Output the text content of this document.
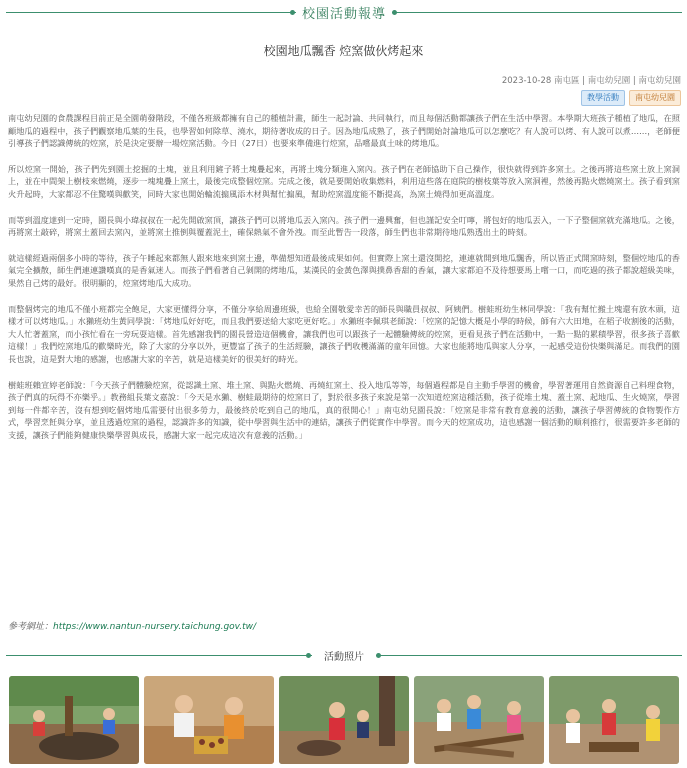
校園活動報導
校園地瓜飄香 焢窯做伙烤起來
2023-10-28 南屯區 | 南屯幼兒園 | 南屯幼兒園
教學活動	南屯幼兒園

南屯幼兒園的食農課程目前正是全園萌發階段，不僅各班級都擁有自己的種植計畫，師生一起討論、共同執行，而且每個活動都讓孩子們在生活中學習。本學期大班孩子種植了地瓜，在照顧地瓜的過程中，孩子們觀察地瓜葉的生長，也學習如何除草、澆水，期待著收成的日子。因為地瓜成熟了，孩子們開始討論地瓜可以怎麼吃？有人說可以烤、有人說可以煮……，老師便引導孩子們認識傳統的焢窯，於是決定要辦一場焢窯活動。今日（27日）也要來準備進行焢窯，品嚐最真土味的烤地瓜。

所以焢窯一開始，孩子們先到園土挖掘的土塊，並且利用鏟子將土塊疊起來，再將土塊分類進入窯內。孩子們在老師協助下自己操作，很快就得到許多窯土。之後再將這些窯土放上窯洞上，並在中間架上樹枝來燃燒，逐步一塊塊疊上窯土，最後完成整個焢窯。完成之後，就是要開始收集燃料，利用這些落在庭院的樹枝葉等放入窯洞裡，然後再點火燃燒窯土。孩子看到窯火升起時，大家都忍不住驚嘆與歡笑，同時大家也開始輪流搧風添木材與幫忙搧風，幫助焢窯溫度能不斷提高，為窯土燒得加更高溫度。

而等到溫度達到一定時，園長與小瑋叔叔在一起先開啟窯頂，讓孩子們可以將地瓜丟入窯內。孩子們一邊興奮，但也謹記安全叮嚀，將包好的地瓜丟入，一下子整個窯就充滿地瓜。之後，再將窯土敲碎，將窯土蓋回去窯內，並將窯土推倒與覆蓋泥土，確保熱氣不會外洩。而至此暫告一段落，師生們也非常期待地瓜熟透出土的時刻。

就這樣經過兩個多小時的等待，孩子午睡起來都無人跟來地來到窯土邊，準備想知道最後成果如何。但實際上窯土還沒開挖，連連就開到地瓜飄香，所以皆正式開窯時刻，整個焢地瓜的香氣完全擴散，師生們連連讚嘆真的是香氣迷人。而孩子們看著自己剝開的烤地瓜，某漢民的金黃色澤與撲鼻香甜的香氣，讓大家都迫不及待想要馬上嚐一口，而吃過的孩子都說超級美味，果然自己烤的最好。很明顯的，焢窯烤地瓜大成功。

而整個烤完的地瓜不僅小班都完全飽足，大家更懂得分享，不僅分享給周邊班級，也給全園敬愛幸苦的師長與職員叔叔、阿姨們。樹蛙班幼生林同學說：「我有幫忙搬土塊還有放木頭，這樣才可以烤地瓜。」水獺班幼生黃同學說：「烤地瓜好好吃，而且我們要送給大家吃更好吃。」水獺班李佩琪老師說：「焢窯的記憶大概是小學的時候，師有六大田地，在稻子收割後的活動，大人忙著蓋窯，而小孩忙看在一旁玩耍這樣。首先感謝我們的園長營造這個機會，讓我們也可以跟孩子一起體驗傳統的焢窯，更看見孩子們在活動中，一點一點的累積學習，很多孩子喜歡這樣！」我們焢窯地瓜的歡樂時光，除了大家的分享以外，更豐富了孩子的生活經驗，讓孩子們收穫滿滿的童年回憶。大家也能將地瓜與家人分享，一起感受這份快樂與滿足。而我們的園長也說，這是對大地的感謝，也感謝大家的辛苦，就是這樣美好的很美好的時光。

樹蛙班賴宣婷老師說：「今天孩子們體驗焢窯，從認識土窯、堆土窯、與點火燃燒、再燒紅窯土、投入地瓜等等，每個過程都是自主動手學習的機會，學習著運用自然資源自己料理食物，孩子們真的玩得不亦樂乎。」教務組長葉文嘉說：「今天是水獺、樹蛙最期待的焢窯日了，對於很多孩子來說是第一次知道焢窯這種活動，孩子從堆土塊、蓋土窯、起地瓜、生火燒窯，學習到每一件都辛苦，沒有想到吃個烤地瓜需要付出很多勞力，最後終於吃到自己的地瓜，真的很開心！」南屯幼兒園長說：「焢窯是非常有教育意義的活動，讓孩子學習傳統的食物製作方式，學習烹飪與分享，並且透過焢窯的過程，認識許多的知識，從中學習與生活中的連結，讓孩子們從實作中學習。而今天的焢窯成功，這也感謝一個活動的順利推行，很需要許多老師的支援，讓孩子們能夠健康快樂學習與成長，感謝大家一起完成這次有意義的活動。」

參考網址：https://www.nantun-nursery.taichung.gov.tw/
活動照片
